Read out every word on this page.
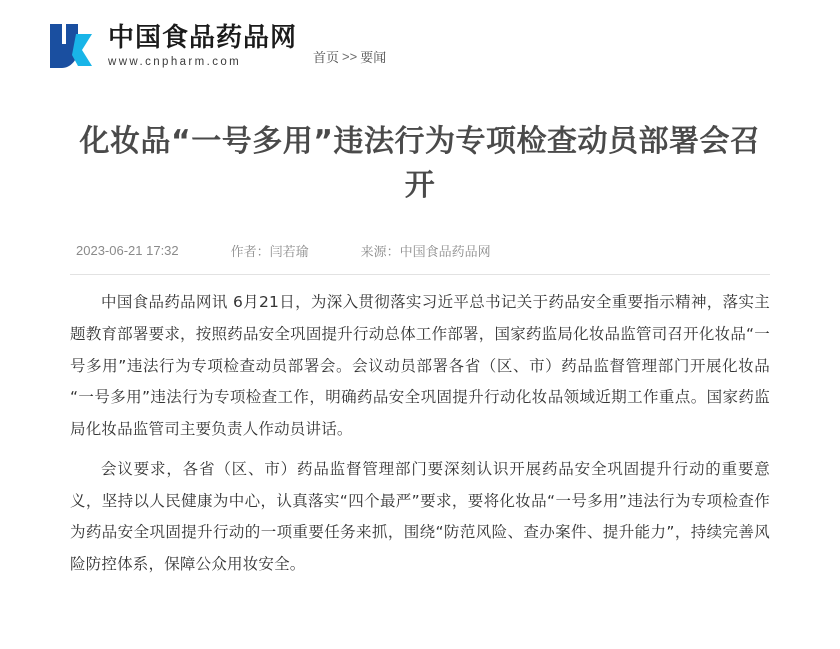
中国食品药品网
www.cnpharm.com	首页 >> 要闻
化妆品“一号多用”违法行为专项检查动员部署会召开
2023-06-21 17:32	作者：闫若瑜	来源：中国食品药品网

中国食品药品网讯 6月21日，为深入贯彻落实习近平总书记关于药品安全重要指示精神，落实主题教育部署要求，按照药品安全巩固提升行动总体工作部署，国家药监局化妆品监管司召开化妆品“一号多用”违法行为专项检查动员部署会。会议动员部署各省（区、市）药品监督管理部门开展化妆品“一号多用”违法行为专项检查工作，明确药品安全巩固提升行动化妆品领域近期工作重点。国家药监局化妆品监管司主要负责人作动员讲话。

会议要求，各省（区、市）药品监督管理部门要深刻认识开展药品安全巩固提升行动的重要意义，坚持以人民健康为中心，认真落实“四个最严”要求，要将化妆品“一号多用”违法行为专项检查作为药品安全巩固提升行动的一项重要任务来抓，围绕“防范风险、查办案件、提升能力”，持续完善风险防控体系，保障公众用妆安全。
